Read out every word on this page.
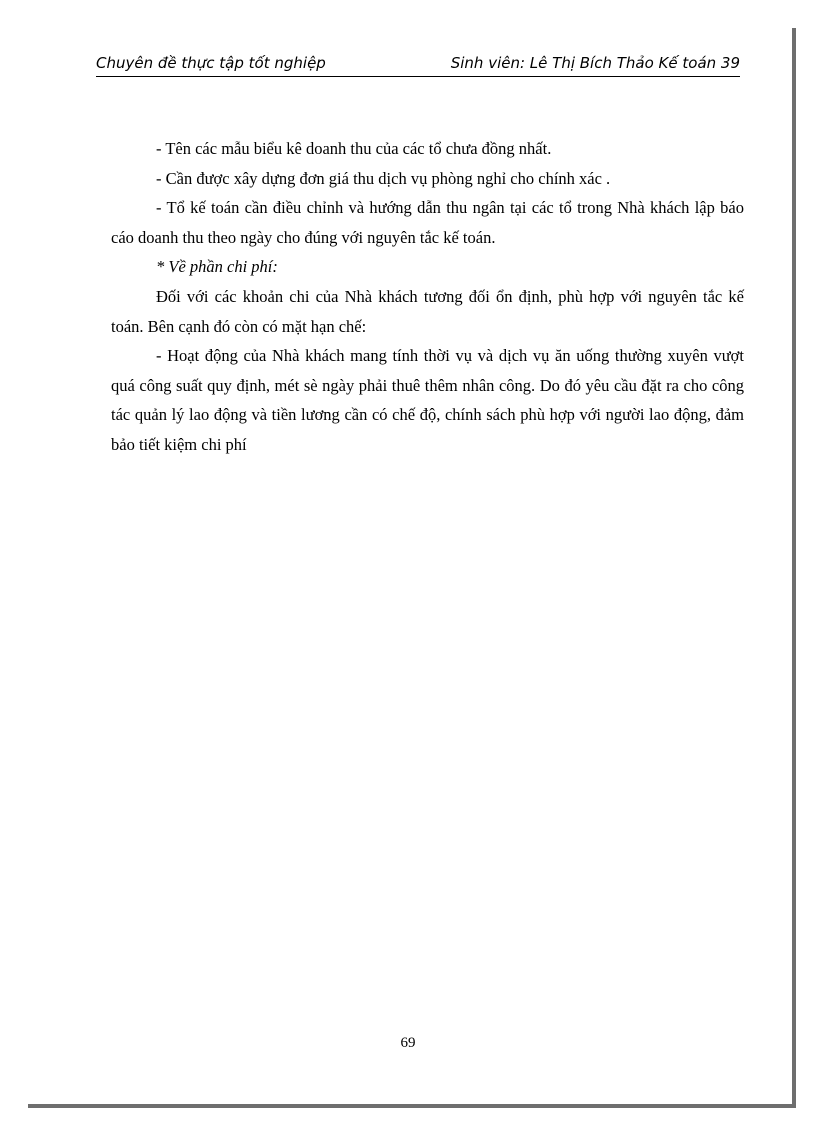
Chuyên đề thực tập tốt nghiệp	Sinh viên: Lê Thị Bích Thảo Kế toán 39

- Tên các mẫu biểu kê doanh thu của các tổ chưa đồng nhất.

- Cần được xây dựng đơn giá thu dịch vụ phòng nghỉ cho chính xác .

- Tổ kế toán cần điều chỉnh và hướng dẫn thu ngân tại các tổ trong Nhà khách lập báo cáo doanh thu theo ngày cho đúng với nguyên tắc kế toán.

* Về phần chi phí:

Đối với các khoản chi của Nhà khách tương đối ổn định, phù hợp với nguyên tắc kế toán. Bên cạnh đó còn có mặt hạn chế:

- Hoạt động của Nhà khách mang tính thời vụ và dịch vụ ăn uống thường xuyên vượt quá công suất quy định, mét sè ngày phải thuê thêm nhân công. Do đó yêu cầu đặt ra cho công tác quản lý lao động và tiền lương cần có chế độ, chính sách phù hợp với người lao động, đảm bảo tiết kiệm chi phí

69
